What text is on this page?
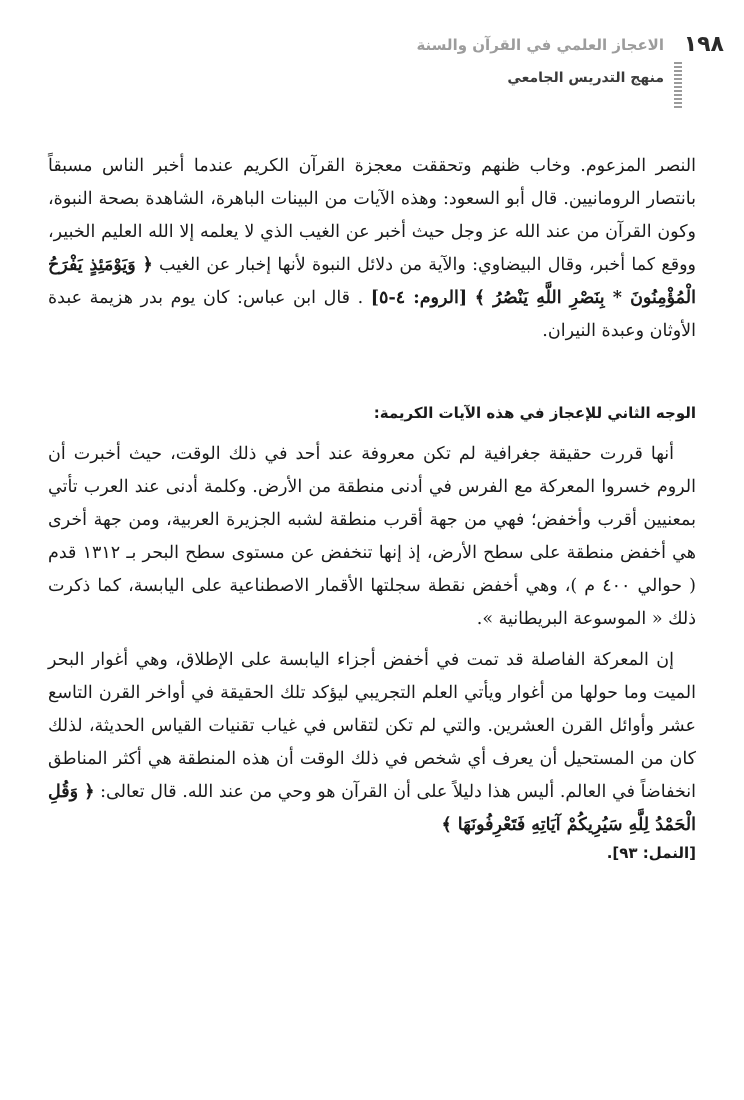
١٩٨
الاعجاز العلمي في القرآن والسنة
منهج التدريس الجامعي

النصر المزعوم. وخاب ظنهم وتحققت معجزة القرآن الكريم عندما أخبر الناس مسبقاً بانتصار الرومانيين. قال أبو السعود: وهذه الآيات من البينات الباهرة، الشاهدة بصحة النبوة، وكون القرآن من عند الله عز وجل حيث أخبر عن الغيب الذي لا يعلمه إلا الله العليم الخبير، ووقع كما أخبر، وقال البيضاوي: والآية من دلائل النبوة لأنها إخبار عن الغيب ﴿ وَيَوْمَئِذٍ يَفْرَحُ الْمُؤْمِنُونَ * بِنَصْرِ اللَّهِ يَنْصُرُ ﴾ [الروم: ٤-٥] . قال ابن عباس: كان يوم بدر هزيمة عبدة الأوثان وعبدة النيران.

الوجه الثاني للإعجاز في هذه الآيات الكريمة:

أنها قررت حقيقة جغرافية لم تكن معروفة عند أحد في ذلك الوقت، حيث أخبرت أن الروم خسروا المعركة مع الفرس في أدنى منطقة من الأرض. وكلمة أدنى عند العرب تأتي بمعنيين أقرب وأخفض؛ فهي من جهة أقرب منطقة لشبه الجزيرة العربية، ومن جهة أخرى هي أخفض منطقة على سطح الأرض، إذ إنها تنخفض عن مستوى سطح البحر بـ ١٣١٢ قدم ( حوالي ٤٠٠ م )، وهي أخفض نقطة سجلتها الأقمار الاصطناعية على اليابسة، كما ذكرت ذلك « الموسوعة البريطانية ».

إن المعركة الفاصلة قد تمت في أخفض أجزاء اليابسة على الإطلاق، وهي أغوار البحر الميت وما حولها من أغوار ويأتي العلم التجريبي ليؤكد تلك الحقيقة في أواخر القرن التاسع عشر وأوائل القرن العشرين. والتي لم تكن لتقاس في غياب تقنيات القياس الحديثة، لذلك كان من المستحيل أن يعرف أي شخص في ذلك الوقت أن هذه المنطقة هي أكثر المناطق انخفاضاً في العالم. أليس هذا دليلاً على أن القرآن هو وحي من عند الله. قال تعالى: ﴿ وَقُلِ الْحَمْدُ لِلَّهِ سَيُرِيكُمْ آيَاتِهِ فَتَعْرِفُونَهَا ﴾

[النمل: ٩٣].
